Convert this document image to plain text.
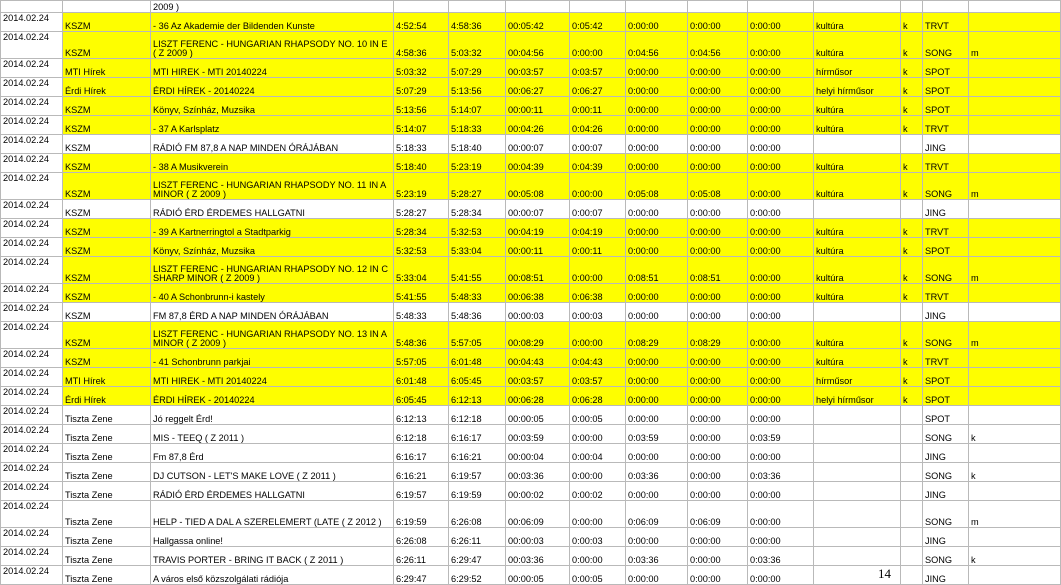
		2009 )											
2014.02.24	KSZM	- 36 Az Akademie der Bildenden Kunste	4:52:54	4:58:36	00:05:42	0:05:42	0:00:00	0:00:00	0:00:00	kultúra	k	TRVT	
2014.02.24	KSZM	LISZT FERENC - HUNGARIAN RHAPSODY NO. 10 IN E ( Z 2009 )	4:58:36	5:03:32	00:04:56	0:00:00	0:04:56	0:04:56	0:00:00	kultúra	k	SONG	m
2014.02.24	MTI Hírek	MTI HIREK - MTI 20140224	5:03:32	5:07:29	00:03:57	0:03:57	0:00:00	0:00:00	0:00:00	hírműsor	k	SPOT	
2014.02.24	Érdi Hírek	ÉRDI HÍREK - 20140224	5:07:29	5:13:56	00:06:27	0:06:27	0:00:00	0:00:00	0:00:00	helyi hírműsor	k	SPOT	
2014.02.24	KSZM	Könyv, Színház, Muzsika	5:13:56	5:14:07	00:00:11	0:00:11	0:00:00	0:00:00	0:00:00	kultúra	k	SPOT	
2014.02.24	KSZM	- 37 A Karlsplatz	5:14:07	5:18:33	00:04:26	0:04:26	0:00:00	0:00:00	0:00:00	kultúra	k	TRVT	
2014.02.24	KSZM	RÁDIÓ FM 87,8 A NAP MINDEN ÓRÁJÁBAN	5:18:33	5:18:40	00:00:07	0:00:07	0:00:00	0:00:00	0:00:00			JING	
2014.02.24	KSZM	- 38 A Musikverein	5:18:40	5:23:19	00:04:39	0:04:39	0:00:00	0:00:00	0:00:00	kultúra	k	TRVT	
2014.02.24	KSZM	LISZT FERENC - HUNGARIAN RHAPSODY NO. 11 IN A MINOR ( Z 2009 )	5:23:19	5:28:27	00:05:08	0:00:00	0:05:08	0:05:08	0:00:00	kultúra	k	SONG	m
2014.02.24	KSZM	RÁDIÓ ÉRD ÉRDEMES HALLGATNI	5:28:27	5:28:34	00:00:07	0:00:07	0:00:00	0:00:00	0:00:00			JING	
2014.02.24	KSZM	- 39 A Kartnerringtol a Stadtparkig	5:28:34	5:32:53	00:04:19	0:04:19	0:00:00	0:00:00	0:00:00	kultúra	k	TRVT	
2014.02.24	KSZM	Könyv, Színház, Muzsika	5:32:53	5:33:04	00:00:11	0:00:11	0:00:00	0:00:00	0:00:00	kultúra	k	SPOT	
2014.02.24	KSZM	LISZT FERENC - HUNGARIAN RHAPSODY NO. 12 IN C SHARP MINOR ( Z 2009 )	5:33:04	5:41:55	00:08:51	0:00:00	0:08:51	0:08:51	0:00:00	kultúra	k	SONG	m
2014.02.24	KSZM	- 40 A Schonbrunn-i kastely	5:41:55	5:48:33	00:06:38	0:06:38	0:00:00	0:00:00	0:00:00	kultúra	k	TRVT	
2014.02.24	KSZM	FM 87,8 ÉRD A NAP MINDEN ÓRÁJÁBAN	5:48:33	5:48:36	00:00:03	0:00:03	0:00:00	0:00:00	0:00:00			JING	
2014.02.24	KSZM	LISZT FERENC - HUNGARIAN RHAPSODY NO. 13 IN A MINOR ( Z 2009 )	5:48:36	5:57:05	00:08:29	0:00:00	0:08:29	0:08:29	0:00:00	kultúra	k	SONG	m
2014.02.24	KSZM	- 41 Schonbrunn parkjai	5:57:05	6:01:48	00:04:43	0:04:43	0:00:00	0:00:00	0:00:00	kultúra	k	TRVT	
2014.02.24	MTI Hírek	MTI HIREK - MTI 20140224	6:01:48	6:05:45	00:03:57	0:03:57	0:00:00	0:00:00	0:00:00	hírműsor	k	SPOT	
2014.02.24	Érdi Hírek	ÉRDI HÍREK - 20140224	6:05:45	6:12:13	00:06:28	0:06:28	0:00:00	0:00:00	0:00:00	helyi hírműsor	k	SPOT	
2014.02.24	Tiszta Zene	Jó reggelt Érd!	6:12:13	6:12:18	00:00:05	0:00:05	0:00:00	0:00:00	0:00:00			SPOT	
2014.02.24	Tiszta Zene	MIS - TEEQ ( Z 2011 )	6:12:18	6:16:17	00:03:59	0:00:00	0:03:59	0:00:00	0:03:59			SONG	k
2014.02.24	Tiszta Zene	Fm 87,8 Érd	6:16:17	6:16:21	00:00:04	0:00:04	0:00:00	0:00:00	0:00:00			JING	
2014.02.24	Tiszta Zene	DJ CUTSON - LET'S MAKE LOVE ( Z 2011 )	6:16:21	6:19:57	00:03:36	0:00:00	0:03:36	0:00:00	0:03:36			SONG	k
2014.02.24	Tiszta Zene	RÁDIÓ ÉRD ÉRDEMES HALLGATNI	6:19:57	6:19:59	00:00:02	0:00:02	0:00:00	0:00:00	0:00:00			JING	
2014.02.24	Tiszta Zene	HELP - TIED A DAL A SZERELEMERT (LATE ( Z 2012 )	6:19:59	6:26:08	00:06:09	0:00:00	0:06:09	0:06:09	0:00:00			SONG	m
2014.02.24	Tiszta Zene	Hallgassa online!	6:26:08	6:26:11	00:00:03	0:00:03	0:00:00	0:00:00	0:00:00			JING	
2014.02.24	Tiszta Zene	TRAVIS PORTER - BRING IT BACK ( Z 2011 )	6:26:11	6:29:47	00:03:36	0:00:00	0:03:36	0:00:00	0:03:36			SONG	k
2014.02.24	Tiszta Zene	A város első közszolgálati rádiója	6:29:47	6:29:52	00:00:05	0:00:05	0:00:00	0:00:00	0:00:00			JING	
14
